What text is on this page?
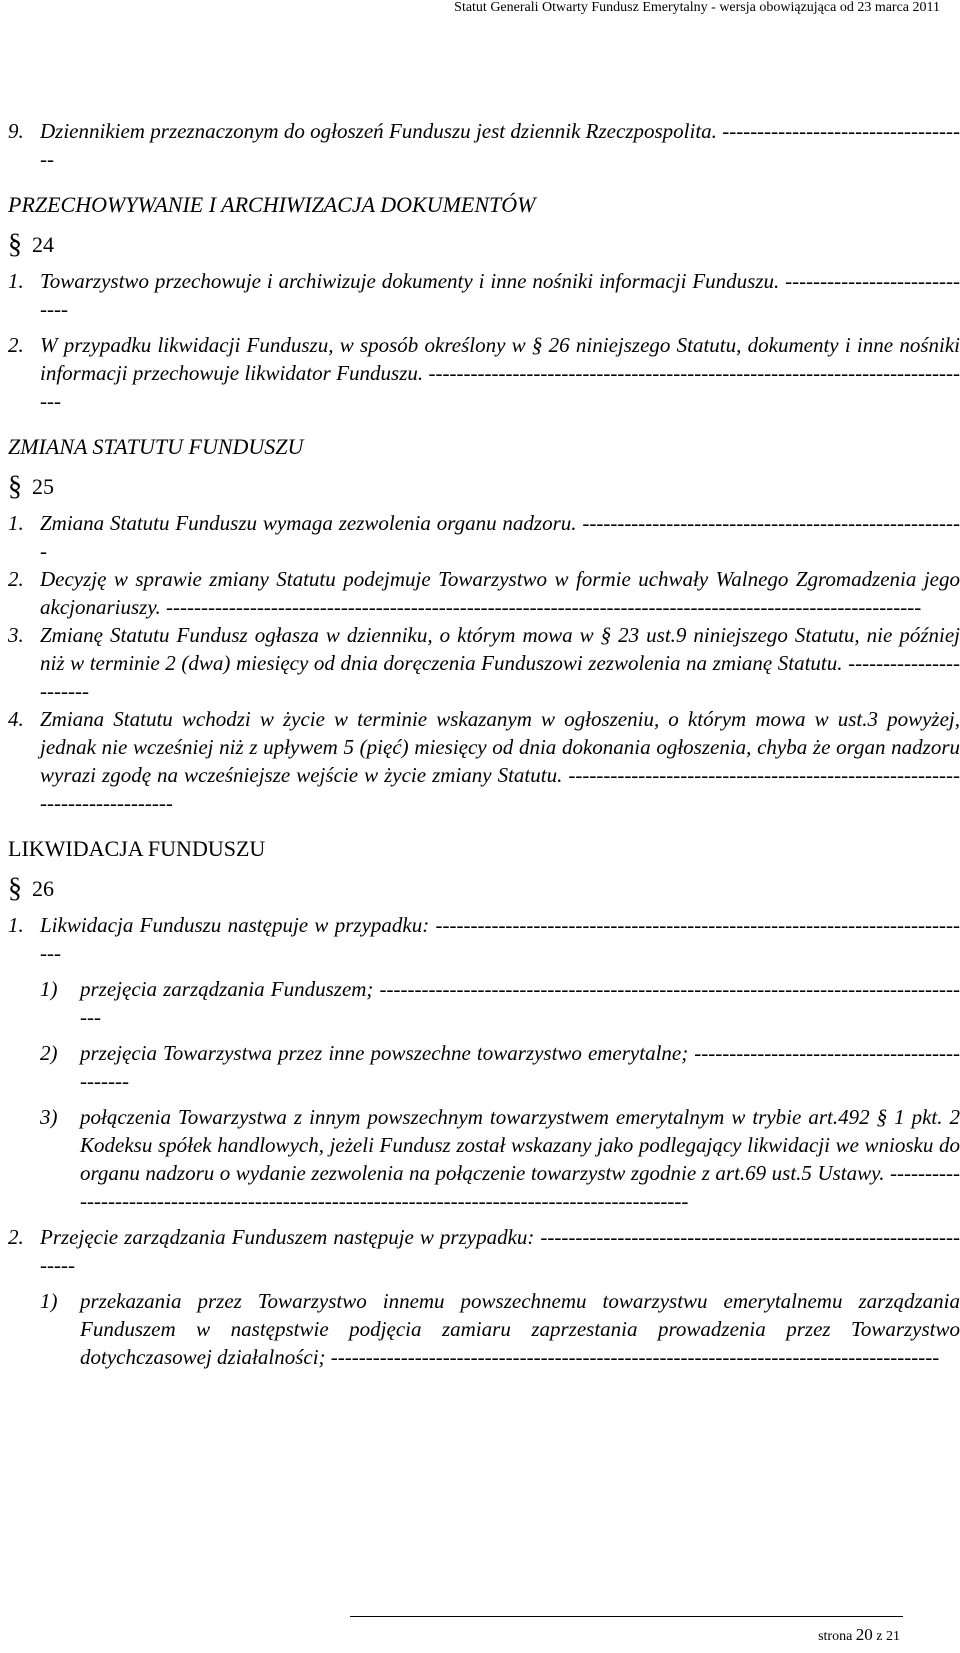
Statut Generali Otwarty Fundusz Emerytalny - wersja obowiązująca od 23 marca 2011
9. Dziennikiem przeznaczonym do ogłoszeń Funduszu jest dziennik Rzeczpospolita. ------------------------------------
PRZECHOWYWANIE I ARCHIWIZACJA DOKUMENTÓW
§ 24
1. Towarzystwo przechowuje i archiwizuje dokumenty i inne nośniki informacji Funduszu. -----------------------------
2. W przypadku likwidacji Funduszu, w sposób określony w § 26 niniejszego Statutu, dokumenty i inne nośniki informacji przechowuje likwidator Funduszu. -------------------------------------------------------------------------------
ZMIANA STATUTU FUNDUSZU
§ 25
1. Zmiana Statutu Funduszu wymaga zezwolenia organu nadzoru. -------------------------------------------------------
2. Decyzję w sprawie zmiany Statutu podejmuje Towarzystwo w formie uchwały Walnego Zgromadzenia jego akcjonariuszy. ------------------------------------------------------------------------------------------------------------
3. Zmianę Statutu Fundusz ogłasza w dzienniku, o którym mowa w § 23 ust.9 niniejszego Statutu, nie później niż w terminie 2 (dwa) miesięcy od dnia doręczenia Funduszowi zezwolenia na zmianę Statutu. -----------------------
4. Zmiana Statutu wchodzi w życie w terminie wskazanym w ogłoszeniu, o którym mowa w ust.3 powyżej, jednak nie wcześniej niż z upływem 5 (pięć) miesięcy od dnia dokonania ogłoszenia, chyba że organ nadzoru wyrazi zgodę na wcześniejsze wejście w życie zmiany Statutu. ---------------------------------------------------------------------------
LIKWIDACJA FUNDUSZU
§ 26
1. Likwidacja Funduszu następuje w przypadku: ------------------------------------------------------------------------------
1) przejęcia zarządzania Funduszem; --------------------------------------------------------------------------------------
2) przejęcia Towarzystwa przez inne powszechne towarzystwo emerytalne; ---------------------------------------------
3) połączenia Towarzystwa z innym powszechnym towarzystwem emerytalnym w trybie art.492 § 1 pkt. 2 Kodeksu spółek handlowych, jeżeli Fundusz został wskazany jako podlegający likwidacji we wniosku do organu nadzoru o wydanie zezwolenia na połączenie towarzystw zgodnie z art.69 ust.5 Ustawy. -------------------------------------------------------------------------------------------------
2. Przejęcie zarządzania Funduszem następuje w przypadku: -----------------------------------------------------------------
1) przekazania przez Towarzystwo innemu powszechnemu towarzystwu emerytalnemu zarządzania Funduszem w następstwie podjęcia zamiaru zaprzestania prowadzenia przez Towarzystwo dotychczasowej działalności; ---------------------------------------------------------------------------------------
strona 20 z 21
